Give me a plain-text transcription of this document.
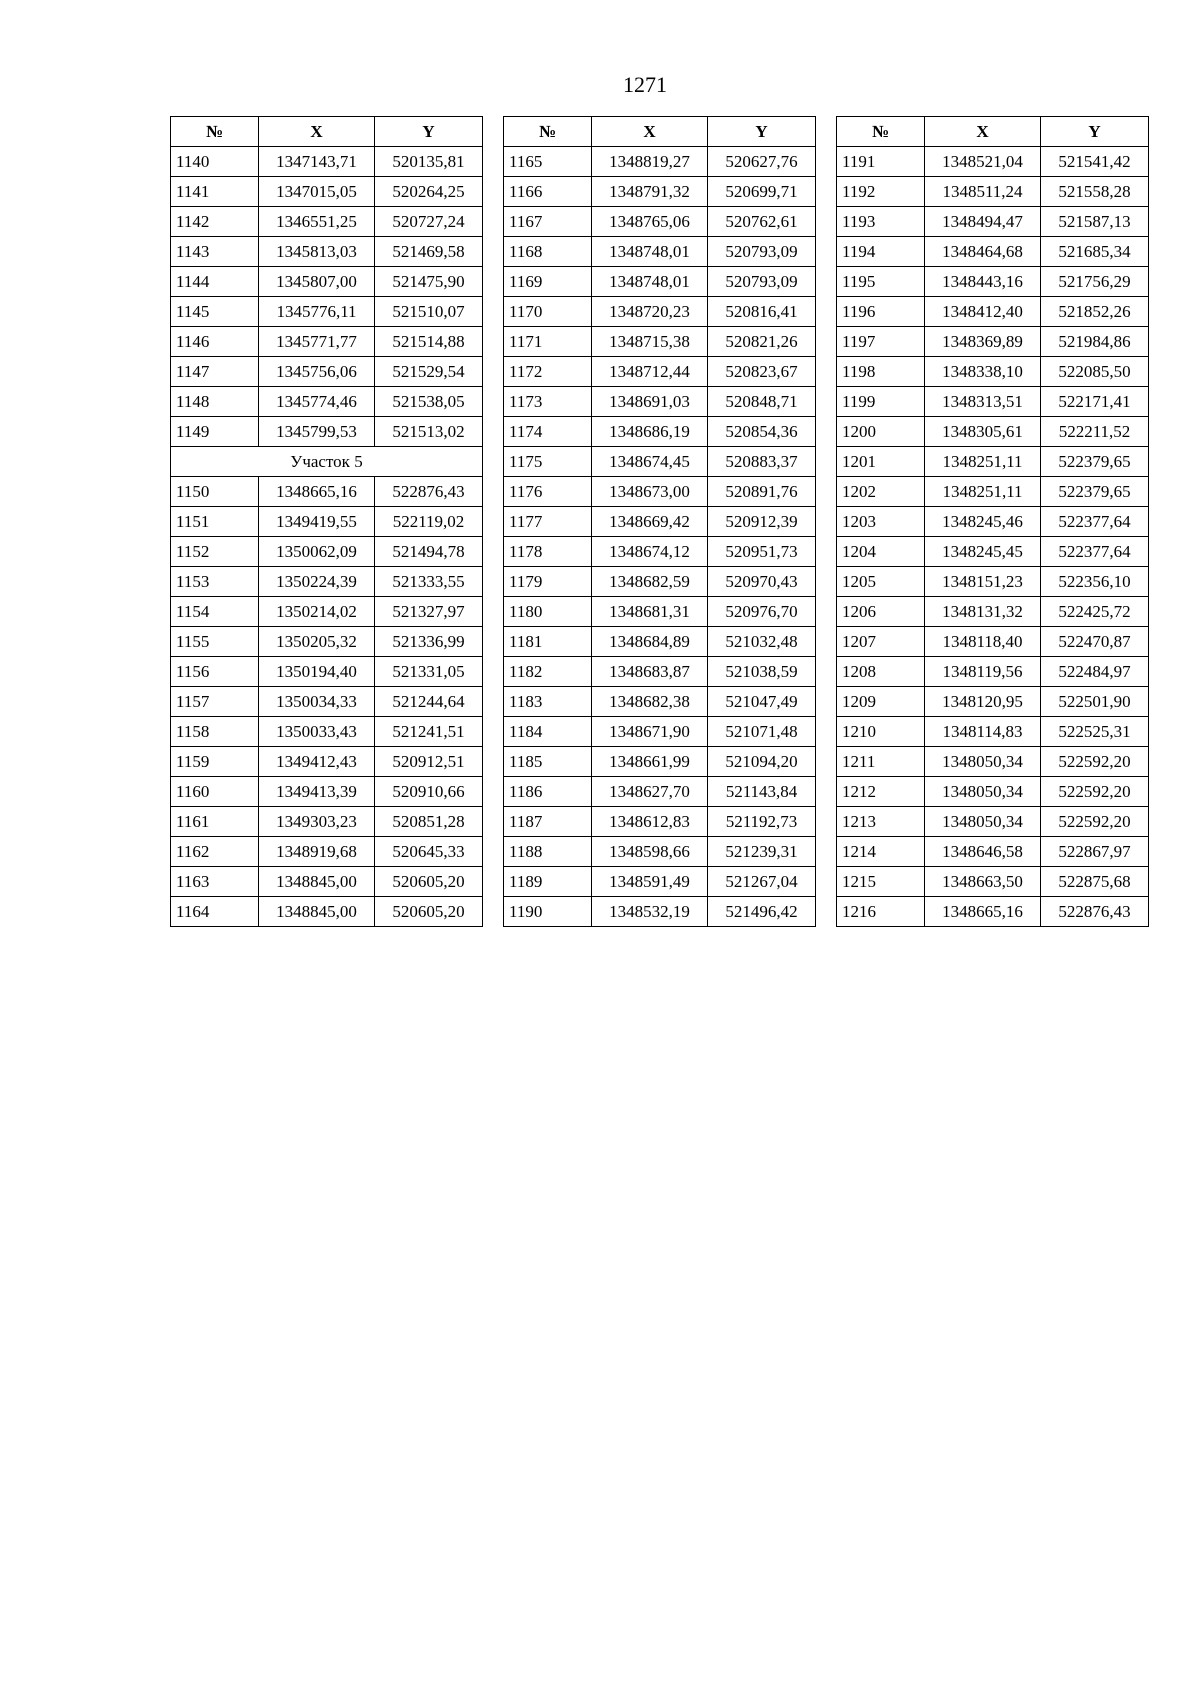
1271
№	X	Y
1140	1347143,71	520135,81
1141	1347015,05	520264,25
1142	1346551,25	520727,24
1143	1345813,03	521469,58
1144	1345807,00	521475,90
1145	1345776,11	521510,07
1146	1345771,77	521514,88
1147	1345756,06	521529,54
1148	1345774,46	521538,05
1149	1345799,53	521513,02
Участок 5		
1150	1348665,16	522876,43
1151	1349419,55	522119,02
1152	1350062,09	521494,78
1153	1350224,39	521333,55
1154	1350214,02	521327,97
1155	1350205,32	521336,99
1156	1350194,40	521331,05
1157	1350034,33	521244,64
1158	1350033,43	521241,51
1159	1349412,43	520912,51
1160	1349413,39	520910,66
1161	1349303,23	520851,28
1162	1348919,68	520645,33
1163	1348845,00	520605,20
1164	1348845,00	520605,20
№	X	Y
1165	1348819,27	520627,76
1166	1348791,32	520699,71
1167	1348765,06	520762,61
1168	1348748,01	520793,09
1169	1348748,01	520793,09
1170	1348720,23	520816,41
1171	1348715,38	520821,26
1172	1348712,44	520823,67
1173	1348691,03	520848,71
1174	1348686,19	520854,36
1175	1348674,45	520883,37
1176	1348673,00	520891,76
1177	1348669,42	520912,39
1178	1348674,12	520951,73
1179	1348682,59	520970,43
1180	1348681,31	520976,70
1181	1348684,89	521032,48
1182	1348683,87	521038,59
1183	1348682,38	521047,49
1184	1348671,90	521071,48
1185	1348661,99	521094,20
1186	1348627,70	521143,84
1187	1348612,83	521192,73
1188	1348598,66	521239,31
1189	1348591,49	521267,04
1190	1348532,19	521496,42
№	X	Y
1191	1348521,04	521541,42
1192	1348511,24	521558,28
1193	1348494,47	521587,13
1194	1348464,68	521685,34
1195	1348443,16	521756,29
1196	1348412,40	521852,26
1197	1348369,89	521984,86
1198	1348338,10	522085,50
1199	1348313,51	522171,41
1200	1348305,61	522211,52
1201	1348251,11	522379,65
1202	1348251,11	522379,65
1203	1348245,46	522377,64
1204	1348245,45	522377,64
1205	1348151,23	522356,10
1206	1348131,32	522425,72
1207	1348118,40	522470,87
1208	1348119,56	522484,97
1209	1348120,95	522501,90
1210	1348114,83	522525,31
1211	1348050,34	522592,20
1212	1348050,34	522592,20
1213	1348050,34	522592,20
1214	1348646,58	522867,97
1215	1348663,50	522875,68
1216	1348665,16	522876,43
